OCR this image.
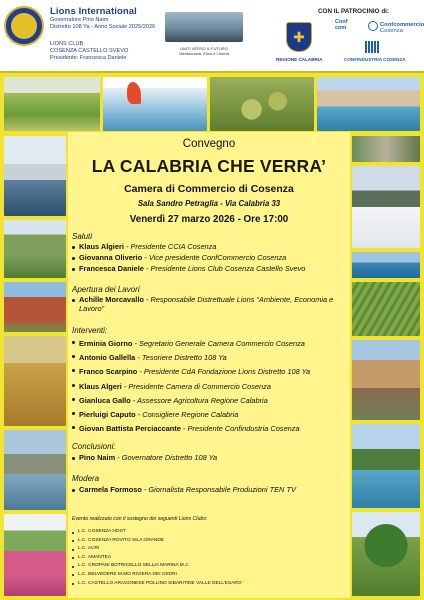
Lions International
Governatore Pino Naim
Distretto 108 Ya - Anno Sociale 2025/2026
LIONS CLUB
COSENZA CASTELLO SVEVO
Presidente: Francesca Daniele
UNITI VERSO IL FUTURO
Meritocrazia, Etica e Libertà
✚
REGIONE CALABRIA
CON IL PATROCINIO di:
Conf
com	Confcommercio
Cosenza
CONFINDUSTRIA COSENZA
Convegno
LA CALABRIA CHE VERRA’
Camera di Commercio di Cosenza
Sala Sandro Petraglia - Via Calabria 33
Venerdì 27 marzo 2026 - Ore 17:00
Saluti
Klaus Algieri - Presidente CCIA Cosenza
Giovanna Oliverio - Vice presidente ConfCommercio Cosenza
Francesca Daniele - Presidente Lions Club Cosenza Castello Svevo
Apertura dei Lavori
Achille Morcavallo - Responsabile Distrettuale Lions “Ambiente, Economia e Lavoro”
Interventi:
Erminia Giorno - Segretario Generale Camera Commercio Cosenza
Antonio Gallella - Tesoriere Distretto 108 Ya
Franco Scarpino - Presidente CdA Fondazione Lions Distretto 108 Ya
Klaus Algeri - Presidente Camera di Commercio Cosenza
Gianluca Gallo - Assessore Agricoltura Regione Calabria
Pierluigi Caputo - Consigliere Regione Calabria
Giovan Battista Perciaccante - Presidente Confindustria Cosenza
Conclusioni:
Pino Naim - Governatore Distretto 108 Ya
Modera
Carmela Formoso - Giornalista Responsabile Produzioni TEN TV
Evento realizzato con il sostegno dei seguenti Lions Clubs:
L.C. COSENZA HOST
L.C. COSENZA ROVITO SILA GRANDE
L.C. ACRI
L.C. AMANTEA
L.C. CROPANI BOTRICELLO SELLIA MARINA M.J.
L.C. BELVEDERE M.MO RIVIERA DEI CEDRI
L.C. CASTELLO ARAGONESE POLLINO SIBARITIDE VALLE DELL’ESARO
